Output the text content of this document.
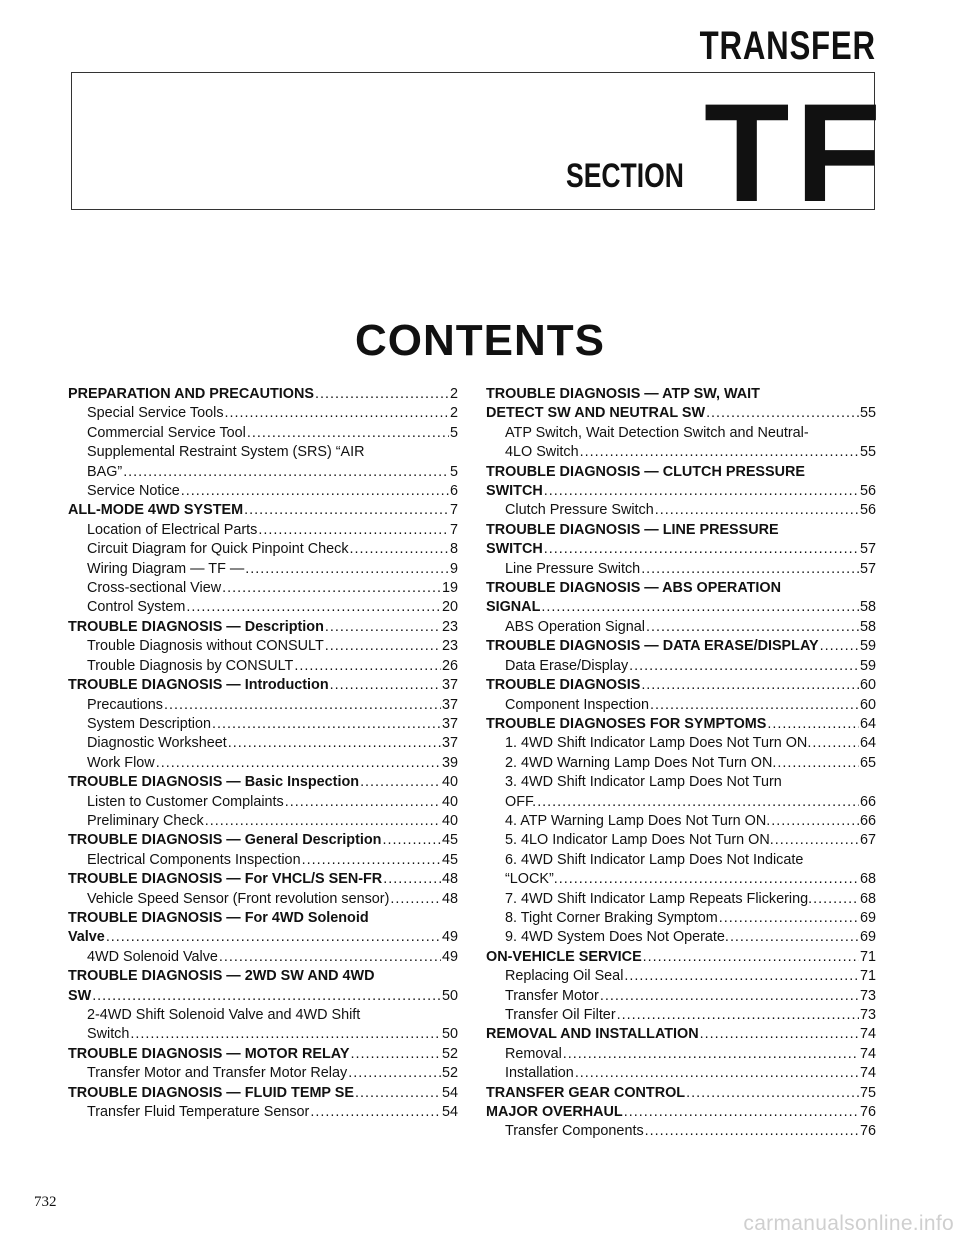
TRANSFER
SECTION TF
CONTENTS
PREPARATION AND PRECAUTIONS .....	2
Special Service Tools .....	2
Commercial Service Tool .....	5
Supplemental Restraint System (SRS) “AIR
BAG” .....	5
Service Notice .....	6
ALL-MODE 4WD SYSTEM .....	7
Location of Electrical Parts .....	7
Circuit Diagram for Quick Pinpoint Check .....	8
Wiring Diagram — TF — .....	9
Cross-sectional View .....	19
Control System .....	20
TROUBLE DIAGNOSIS — Description .....	23
Trouble Diagnosis without CONSULT .....	23
Trouble Diagnosis by CONSULT .....	26
TROUBLE DIAGNOSIS — Introduction .....	37
Precautions .....	37
System Description .....	37
Diagnostic Worksheet .....	37
Work Flow .....	39
TROUBLE DIAGNOSIS — Basic Inspection .....	40
Listen to Customer Complaints .....	40
Preliminary Check .....	40
TROUBLE DIAGNOSIS — General Description .....	45
Electrical Components Inspection .....	45
TROUBLE DIAGNOSIS — For VHCL/S SEN-FR .....	48
Vehicle Speed Sensor (Front revolution sensor) .....	48
TROUBLE DIAGNOSIS — For 4WD Solenoid
Valve .....	49
4WD Solenoid Valve .....	49
TROUBLE DIAGNOSIS — 2WD SW AND 4WD
SW .....	50
2-4WD Shift Solenoid Valve and 4WD Shift
Switch .....	50
TROUBLE DIAGNOSIS — MOTOR RELAY .....	52
Transfer Motor and Transfer Motor Relay .....	52
TROUBLE DIAGNOSIS — FLUID TEMP SE .....	54
Transfer Fluid Temperature Sensor .....	54
TROUBLE DIAGNOSIS — ATP SW, WAIT
DETECT SW AND NEUTRAL SW .....	55
ATP Switch, Wait Detection Switch and Neutral-
4LO Switch .....	55
TROUBLE DIAGNOSIS — CLUTCH PRESSURE
SWITCH .....	56
Clutch Pressure Switch .....	56
TROUBLE DIAGNOSIS — LINE PRESSURE
SWITCH .....	57
Line Pressure Switch .....	57
TROUBLE DIAGNOSIS — ABS OPERATION
SIGNAL .....	58
ABS Operation Signal .....	58
TROUBLE DIAGNOSIS — DATA ERASE/DISPLAY .....	59
Data Erase/Display .....	59
TROUBLE DIAGNOSIS .....	60
Component Inspection .....	60
TROUBLE DIAGNOSES FOR SYMPTOMS .....	64
1. 4WD Shift Indicator Lamp Does Not Turn ON. .....	64
2. 4WD Warning Lamp Does Not Turn ON. .....	65
3. 4WD Shift Indicator Lamp Does Not Turn
OFF. .....	66
4. ATP Warning Lamp Does Not Turn ON. .....	66
5. 4LO Indicator Lamp Does Not Turn ON. .....	67
6. 4WD Shift Indicator Lamp Does Not Indicate
“LOCK”. .....	68
7. 4WD Shift Indicator Lamp Repeats Flickering. .....	68
8. Tight Corner Braking Symptom .....	69
9. 4WD System Does Not Operate. .....	69
ON-VEHICLE SERVICE .....	71
Replacing Oil Seal .....	71
Transfer Motor .....	73
Transfer Oil Filter .....	73
REMOVAL AND INSTALLATION .....	74
Removal .....	74
Installation .....	74
TRANSFER GEAR CONTROL .....	75
MAJOR OVERHAUL .....	76
Transfer Components .....	76
732
carmanualsonline.info
